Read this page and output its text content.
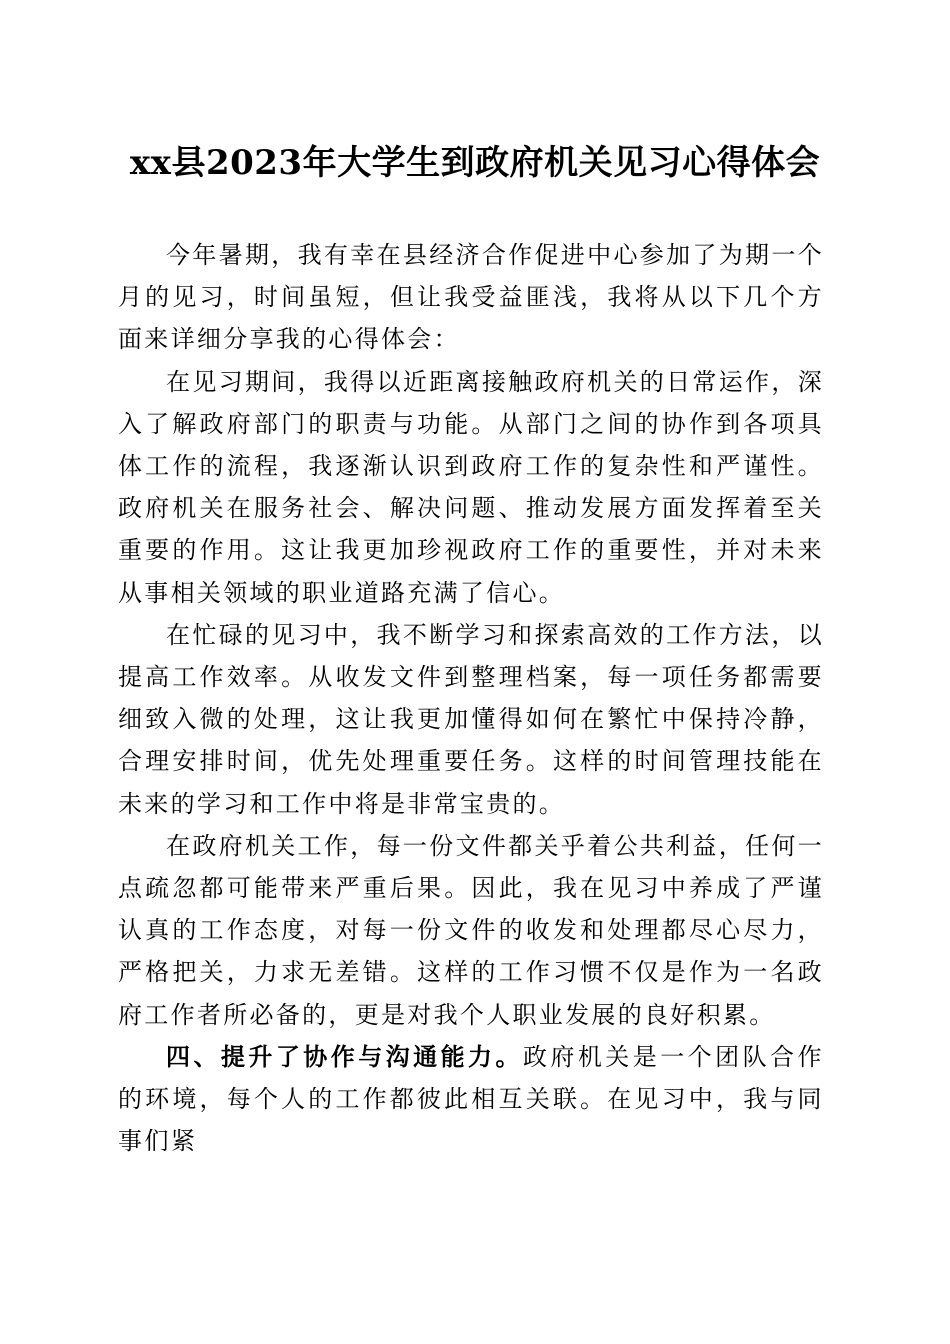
xx县2023年大学生到政府机关见习心得体会

今年暑期，我有幸在县经济合作促进中心参加了为期一个月的见习，时间虽短，但让我受益匪浅，我将从以下几个方面来详细分享我的心得体会：

在见习期间，我得以近距离接触政府机关的日常运作，深入了解政府部门的职责与功能。从部门之间的协作到各项具体工作的流程，我逐渐认识到政府工作的复杂性和严谨性。政府机关在服务社会、解决问题、推动发展方面发挥着至关重要的作用。这让我更加珍视政府工作的重要性，并对未来从事相关领域的职业道路充满了信心。

在忙碌的见习中，我不断学习和探索高效的工作方法，以提高工作效率。从收发文件到整理档案，每一项任务都需要细致入微的处理，这让我更加懂得如何在繁忙中保持冷静，合理安排时间，优先处理重要任务。这样的时间管理技能在未来的学习和工作中将是非常宝贵的。

在政府机关工作，每一份文件都关乎着公共利益，任何一点疏忽都可能带来严重后果。因此，我在见习中养成了严谨认真的工作态度，对每一份文件的收发和处理都尽心尽力，严格把关，力求无差错。这样的工作习惯不仅是作为一名政府工作者所必备的，更是对我个人职业发展的良好积累。

四、提升了协作与沟通能力。政府机关是一个团队合作的环境，每个人的工作都彼此相互关联。在见习中，我与同事们紧
